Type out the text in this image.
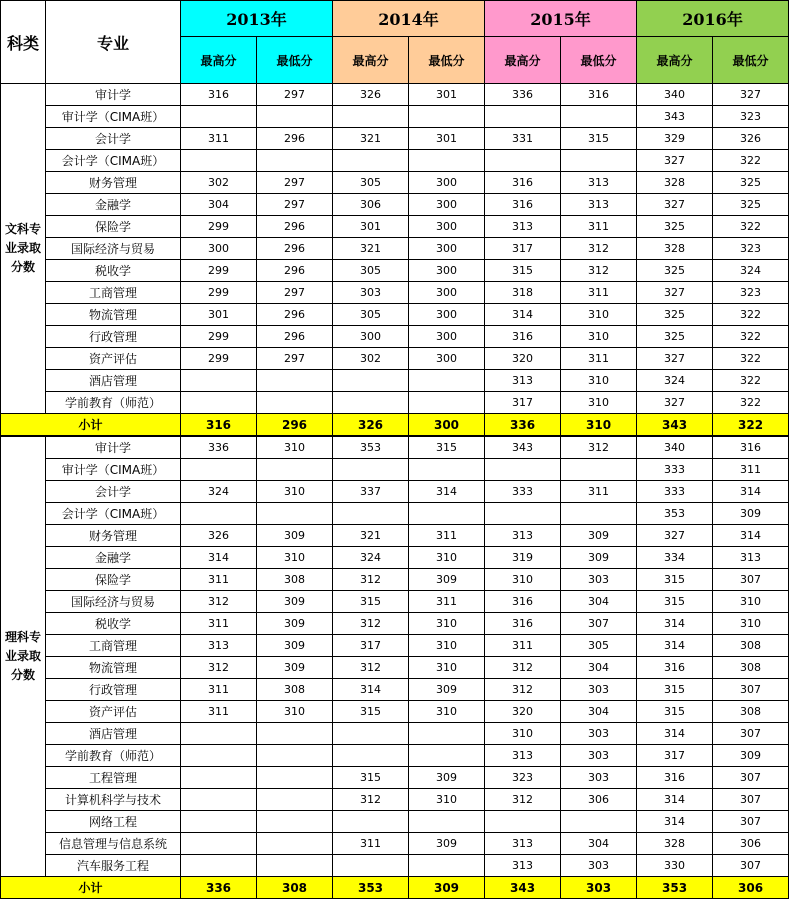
科类	专业	2013年		2014年		2015年		2016年	
		最高分	最低分	最高分	最低分	最高分	最低分	最高分	最低分
文科专业录取分数	审计学	316	297	326	301	336	316	340	327
	审计学（CIMA班）							343	323
	会计学	311	296	321	301	331	315	329	326
	会计学（CIMA班）							327	322
	财务管理	302	297	305	300	316	313	328	325
	金融学	304	297	306	300	316	313	327	325
	保险学	299	296	301	300	313	311	325	322
	国际经济与贸易	300	296	321	300	317	312	328	323
	税收学	299	296	305	300	315	312	325	324
	工商管理	299	297	303	300	318	311	327	323
	物流管理	301	296	305	300	314	310	325	322
	行政管理	299	296	300	300	316	310	325	322
	资产评估	299	297	302	300	320	311	327	322
	酒店管理					313	310	324	322
	学前教育（师范）					317	310	327	322
小计		316	296	326	300	336	310	343	322
理科专业录取分数	审计学	336	310	353	315	343	312	340	316
	审计学（CIMA班）							333	311
	会计学	324	310	337	314	333	311	333	314
	会计学（CIMA班）							353	309
	财务管理	326	309	321	311	313	309	327	314
	金融学	314	310	324	310	319	309	334	313
	保险学	311	308	312	309	310	303	315	307
	国际经济与贸易	312	309	315	311	316	304	315	310
	税收学	311	309	312	310	316	307	314	310
	工商管理	313	309	317	310	311	305	314	308
	物流管理	312	309	312	310	312	304	316	308
	行政管理	311	308	314	309	312	303	315	307
	资产评估	311	310	315	310	320	304	315	308
	酒店管理					310	303	314	307
	学前教育（师范）					313	303	317	309
	工程管理			315	309	323	303	316	307
	计算机科学与技术			312	310	312	306	314	307
	网络工程							314	307
	信息管理与信息系统			311	309	313	304	328	306
	汽车服务工程					313	303	330	307
小计		336	308	353	309	343	303	353	306
